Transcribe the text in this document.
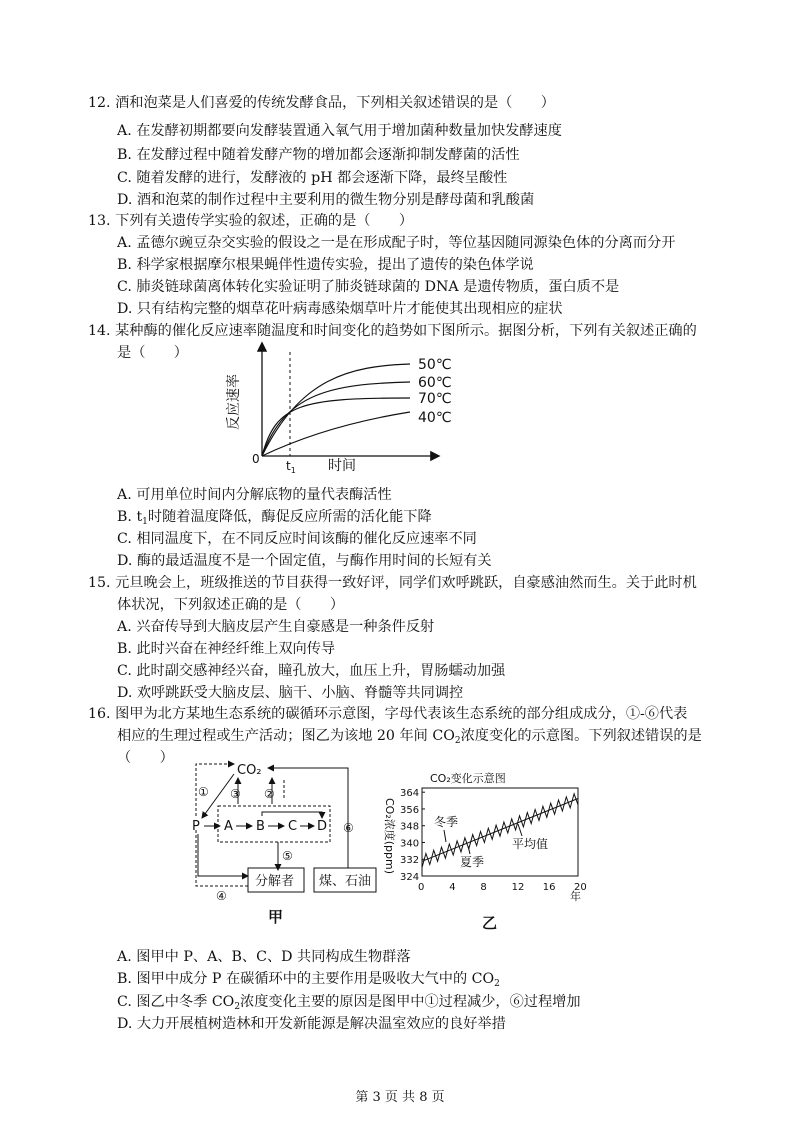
12. 酒和泡菜是人们喜爱的传统发酵食品，下列相关叙述错误的是（　　）
A. 在发酵初期都要向发酵装置通入氧气用于增加菌种数量加快发酵速度
B. 在发酵过程中随着发酵产物的增加都会逐渐抑制发酵菌的活性
C. 随着发酵的进行，发酵液的 pH 都会逐渐下降，最终呈酸性
D. 酒和泡菜的制作过程中主要利用的微生物分别是酵母菌和乳酸菌
13. 下列有关遗传学实验的叙述，正确的是（　　）
A. 孟德尔豌豆杂交实验的假设之一是在形成配子时，等位基因随同源染色体的分离而分开
B. 科学家根据摩尔根果蝇伴性遗传实验，提出了遗传的染色体学说
C. 肺炎链球菌离体转化实验证明了肺炎链球菌的 DNA 是遗传物质，蛋白质不是
D. 只有结构完整的烟草花叶病毒感染烟草叶片才能使其出现相应的症状
14. 某种酶的催化反应速率随温度和时间变化的趋势如下图所示。据图分析，下列有关叙述正确的
是（　　）
50℃
60℃
70℃
40℃
0 $t_1$ 时间
反应速率
A. 可用单位时间内分解底物的量代表酶活性
B. $t_1$时随着温度降低，酶促反应所需的活化能下降
C. 相同温度下，在不同反应时间该酶的催化反应速率不同
D. 酶的最适温度不是一个固定值，与酶作用时间的长短有关
15. 元旦晚会上，班级推送的节目获得一致好评，同学们欢呼跳跃，自豪感油然而生。关于此时机
体状况，下列叙述正确的是（　　）
A. 兴奋传导到大脑皮层产生自豪感是一种条件反射
B. 此时兴奋在神经纤维上双向传导
C. 此时副交感神经兴奋，瞳孔放大，血压上升，胃肠蠕动加强
D. 欢呼跳跃受大脑皮层、脑干、小脑、脊髓等共同调控
16. 图甲为北方某地生态系统的碳循环示意图，字母代表该生态系统的部分组成成分，①-⑥代表
相应的生理过程或生产活动；图乙为该地 20 年间 $CO_2$浓度变化的示意图。下列叙述错误的是
（　　）
CO₂
① ③ ②
P A B C D
⑤
分解者
④
煤、石油
⑥
甲
CO₂变化示意图
CO₂浓度(ppm)
364
356
348
340
332
324
0 4 8 12 16 20
冬季
夏季
平均值
年
乙
A. 图甲中 P、A、B、C、D 共同构成生物群落
B. 图甲中成分 P 在碳循环中的主要作用是吸收大气中的 $CO_2$
C. 图乙中冬季 $CO_2$浓度变化主要的原因是图甲中①过程减少，⑥过程增加
D. 大力开展植树造林和开发新能源是解决温室效应的良好举措
第 3 页 共 8 页
